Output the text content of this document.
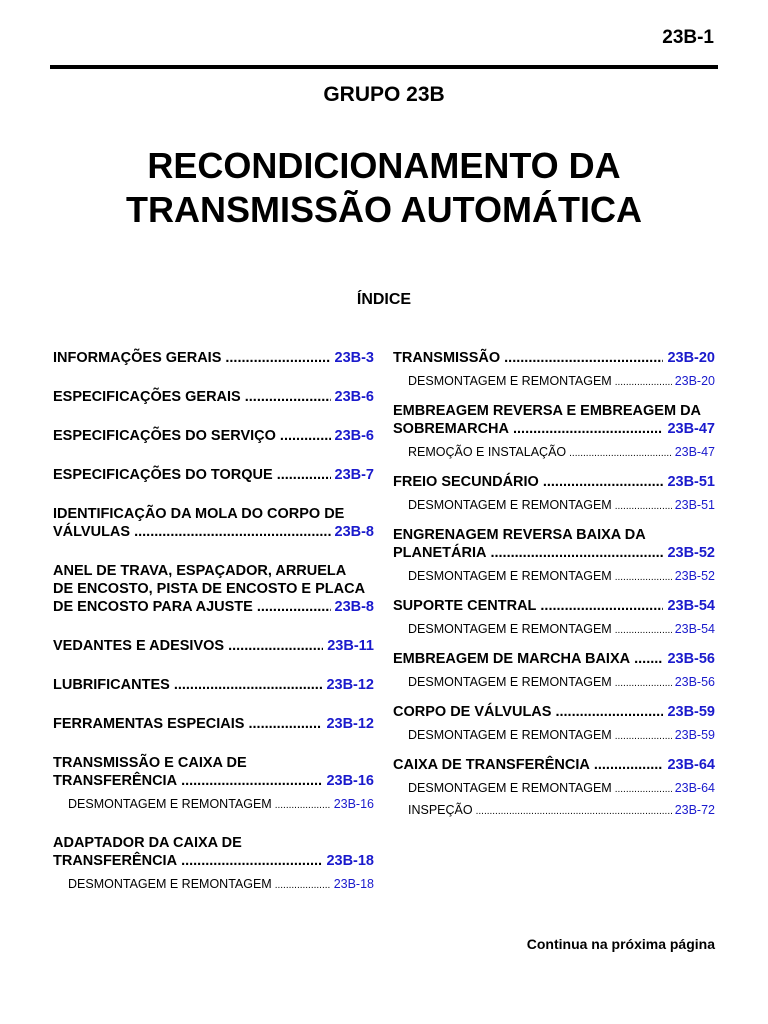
23B-1
GRUPO 23B
RECONDICIONAMENTO DA
TRANSMISSÃO AUTOMÁTICA
ÍNDICE
INFORMAÇÕES GERAIS .....	23B-3
ESPECIFICAÇÕES GERAIS .....	23B-6
ESPECIFICAÇÕES DO SERVIÇO .....	23B-6
ESPECIFICAÇÕES DO TORQUE .....	23B-7
IDENTIFICAÇÃO DA MOLA DO CORPO DE
VÁLVULAS .....	23B-8
ANEL DE TRAVA, ESPAÇADOR, ARRUELA
DE ENCOSTO, PISTA DE ENCOSTO E PLACA
DE ENCOSTO PARA AJUSTE .....	23B-8
VEDANTES E ADESIVOS .....	23B-11
LUBRIFICANTES .....	23B-12
FERRAMENTAS ESPECIAIS .....	23B-12
TRANSMISSÃO E CAIXA DE
TRANSFERÊNCIA .....	23B-16
DESMONTAGEM E REMONTAGEM .....	23B-16
ADAPTADOR DA CAIXA DE
TRANSFERÊNCIA .....	23B-18
DESMONTAGEM E REMONTAGEM .....	23B-18
TRANSMISSÃO .....	23B-20
DESMONTAGEM E REMONTAGEM .....	23B-20
EMBREAGEM REVERSA E EMBREAGEM DA
SOBREMARCHA .....	23B-47
REMOÇÃO E INSTALAÇÃO .....	23B-47
FREIO SECUNDÁRIO .....	23B-51
DESMONTAGEM E REMONTAGEM .....	23B-51
ENGRENAGEM REVERSA BAIXA DA
PLANETÁRIA .....	23B-52
DESMONTAGEM E REMONTAGEM .....	23B-52
SUPORTE CENTRAL .....	23B-54
DESMONTAGEM E REMONTAGEM .....	23B-54
EMBREAGEM DE MARCHA BAIXA .....	23B-56
DESMONTAGEM E REMONTAGEM .....	23B-56
CORPO DE VÁLVULAS .....	23B-59
DESMONTAGEM E REMONTAGEM .....	23B-59
CAIXA DE TRANSFERÊNCIA .....	23B-64
DESMONTAGEM E REMONTAGEM .....	23B-64
INSPEÇÃO .....	23B-72
Continua na próxima página
